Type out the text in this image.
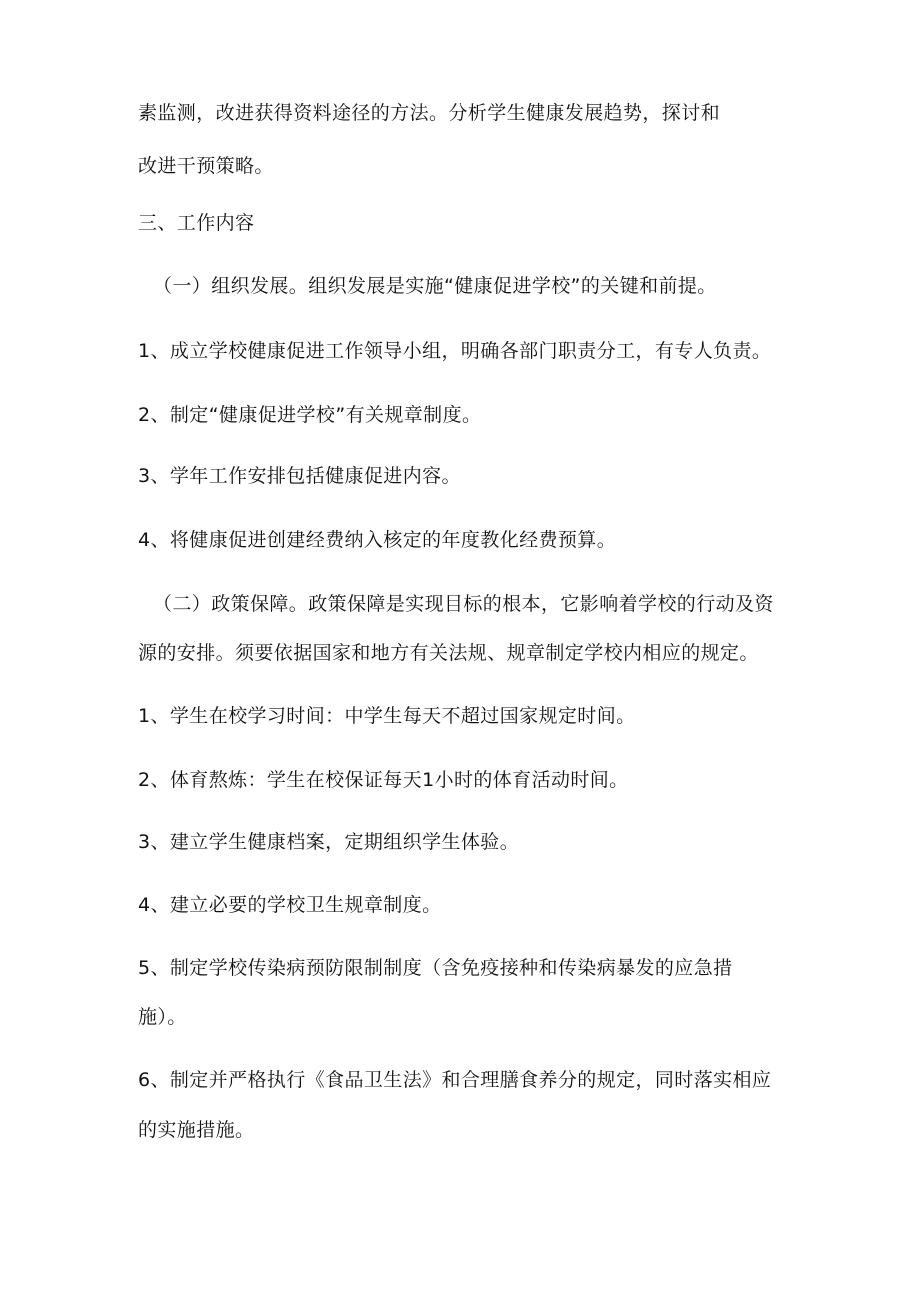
素监测，改进获得资料途径的方法。分析学生健康发展趋势，探讨和
改进干预策略。
三、工作内容
（一）组织发展。组织发展是实施“健康促进学校”的关键和前提。
1、成立学校健康促进工作领导小组，明确各部门职责分工，有专人负责。
2、制定“健康促进学校”有关规章制度。
3、学年工作安排包括健康促进内容。
4、将健康促进创建经费纳入核定的年度教化经费预算。
（二）政策保障。政策保障是实现目标的根本，它影响着学校的行动及资
源的安排。须要依据国家和地方有关法规、规章制定学校内相应的规定。
1、学生在校学习时间：中学生每天不超过国家规定时间。
2、体育熬炼：学生在校保证每天1小时的体育活动时间。
3、建立学生健康档案，定期组织学生体验。
4、建立必要的学校卫生规章制度。
5、制定学校传染病预防限制制度（含免疫接种和传染病暴发的应急措
施）。
6、制定并严格执行《食品卫生法》和合理膳食养分的规定，同时落实相应
的实施措施。
